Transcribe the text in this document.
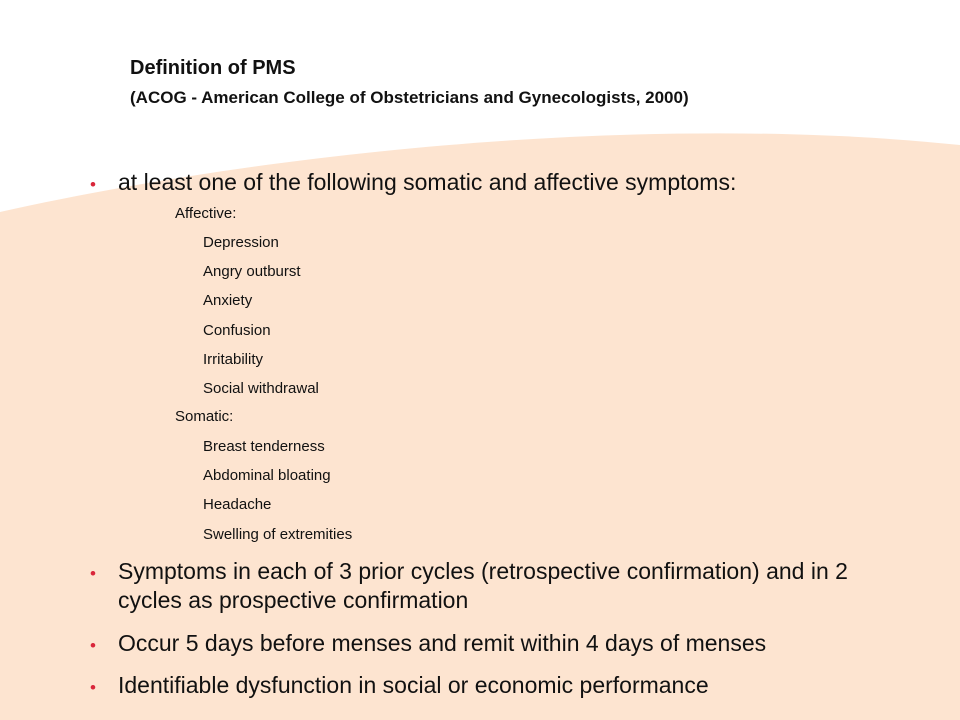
Definition of PMS
(ACOG - American College of Obstetricians and Gynecologists, 2000)
• at least one of the following somatic and affective symptoms:
Affective:
Depression
Angry outburst
Anxiety
Confusion
Irritability
Social withdrawal
Somatic:
Breast tenderness
Abdominal bloating
Headache
Swelling of extremities
• Symptoms in each of 3 prior cycles (retrospective confirmation) and in 2 cycles as prospective confirmation
• Occur 5 days before menses and remit within 4 days of menses
• Identifiable dysfunction in social or economic performance
